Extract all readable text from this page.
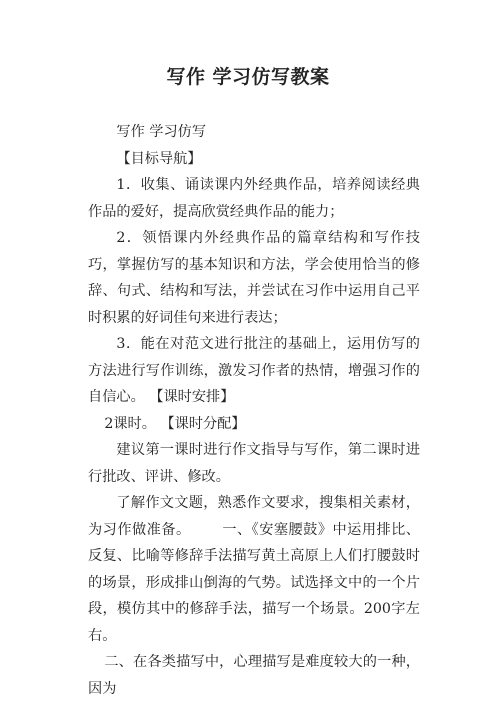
写作 学习仿写教案

写作 学习仿写

【目标导航】

1．收集、诵读课内外经典作品，培养阅读经典作品的爱好，提高欣赏经典作品的能力；

2．领悟课内外经典作品的篇章结构和写作技巧，掌握仿写的基本知识和方法，学会使用恰当的修辞、句式、结构和写法，并尝试在习作中运用自己平时积累的好词佳句来进行表达；

3．能在对范文进行批注的基础上，运用仿写的方法进行写作训练，激发习作者的热情，增强习作的自信心。 【课时安排】

2课时。 【课时分配】

建议第一课时进行作文指导与写作，第二课时进行批改、评讲、修改。

了解作文文题，熟悉作文要求，搜集相关素材，为习作做准备。 一、《安塞腰鼓》中运用排比、反复、比喻等修辞手法描写黄土高原上人们打腰鼓时的场景，形成排山倒海的气势。试选择文中的一个片段，模仿其中的修辞手法，描写一个场景。200字左右。

二、在各类描写中，心理描写是难度较大的一种，因为
